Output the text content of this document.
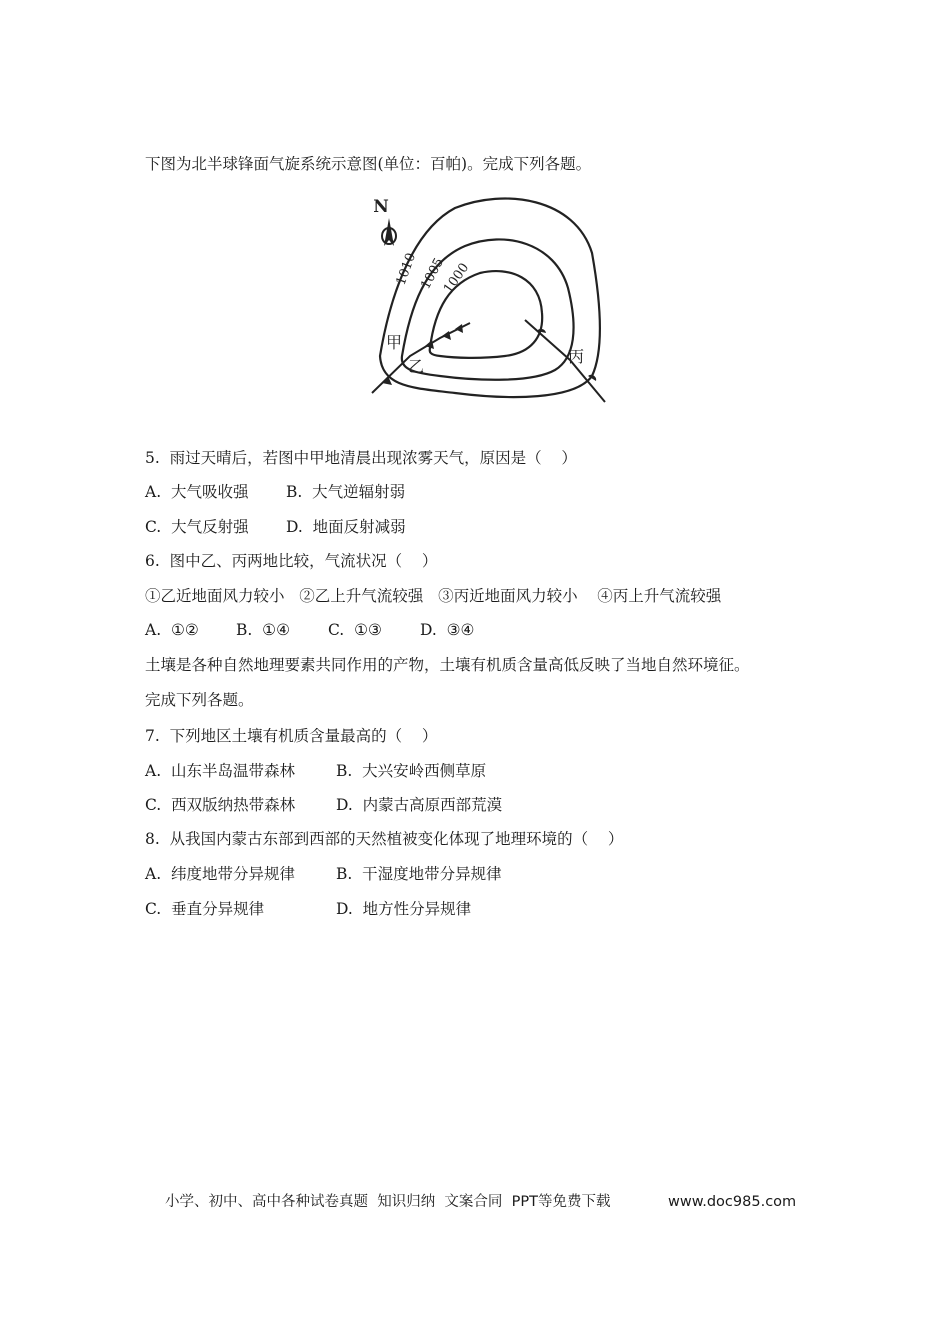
下图为北半球锋面气旋系统示意图(单位：百帕)。完成下列各题。
N
1010 1005
1000
甲
乙
丙
5.  雨过天晴后，若图中甲地清晨出现浓雾天气，原因是（    ）
A.  大气吸收强 B.  大气逆辐射弱
C.  大气反射强 D.  地面反射减弱
6.  图中乙、丙两地比较，气流状况（    ）
①乙近地面风力较小   ②乙上升气流较强   ③丙近地面风力较小    ④丙上升气流较强
A.  ①② B.  ①④ C.  ①③ D.  ③④
土壤是各种自然地理要素共同作用的产物，土壤有机质含量高低反映了当地自然环境征。
完成下列各题。
7.  下列地区土壤有机质含量最高的（    ）
A.  山东半岛温带森林	B.  大兴安岭西侧草原
C.  西双版纳热带森林	D.  内蒙古高原西部荒漠
8.  从我国内蒙古东部到西部的天然植被变化体现了地理环境的（    ）
A.  纬度地带分异规律	B.  干湿度地带分异规律
C.  垂直分异规律	D.  地方性分异规律
小学、初中、高中各种试卷真题  知识归纳  文案合同  PPT等免费下载	www.doc985.com
